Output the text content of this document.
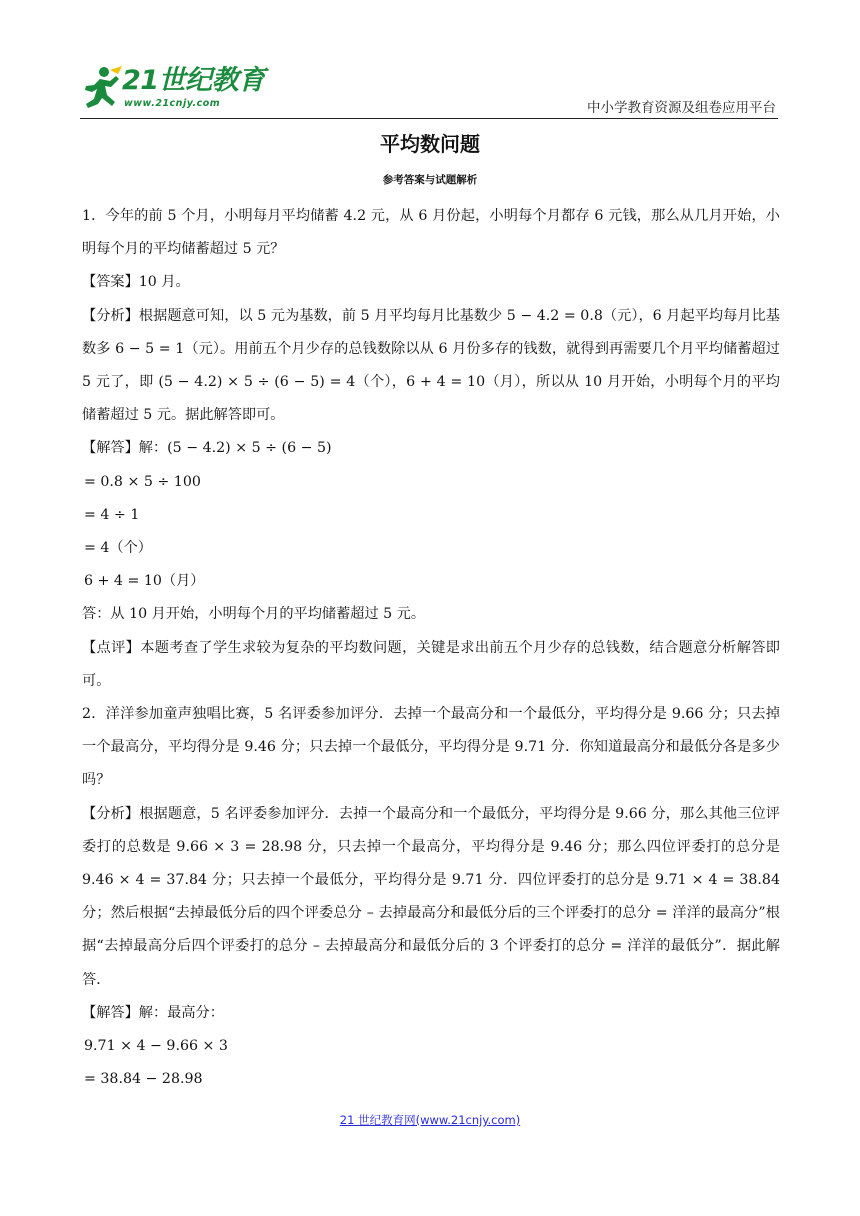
21世纪教育
www.21cnjy.com	中小学教育资源及组卷应用平台
平均数问题
参考答案与试题解析

1．今年的前 5 个月，小明每月平均储蓄 4.2 元，从 6 月份起，小明每个月都存 6 元钱，那么从几月开始，小明每个月的平均储蓄超过 5 元？

【答案】10 月。

【分析】根据题意可知，以 5 元为基数，前 5 月平均每月比基数少 5 − 4.2 = 0.8（元），6 月起平均每月比基数多 6 − 5 = 1（元）。用前五个月少存的总钱数除以从 6 月份多存的钱数，就得到再需要几个月平均储蓄超过 5 元了，即 (5 − 4.2) × 5 ÷ (6 − 5) = 4（个），6 + 4 = 10（月），所以从 10 月开始，小明每个月的平均储蓄超过 5 元。据此解答即可。

【解答】解：(5 − 4.2) × 5 ÷ (6 − 5)

= 0.8 × 5 ÷ 100

= 4 ÷ 1

= 4（个）

6 + 4 = 10（月）

答：从 10 月开始，小明每个月的平均储蓄超过 5 元。

【点评】本题考查了学生求较为复杂的平均数问题，关键是求出前五个月少存的总钱数，结合题意分析解答即可。

2．洋洋参加童声独唱比赛，5 名评委参加评分．去掉一个最高分和一个最低分，平均得分是 9.66 分；只去掉一个最高分，平均得分是 9.46 分；只去掉一个最低分，平均得分是 9.71 分．你知道最高分和最低分各是多少吗？

【分析】根据题意，5 名评委参加评分．去掉一个最高分和一个最低分，平均得分是 9.66 分，那么其他三位评委打的总数是 9.66 × 3 = 28.98 分，只去掉一个最高分，平均得分是 9.46 分；那么四位评委打的总分是 9.46 × 4 = 37.84 分；只去掉一个最低分，平均得分是 9.71 分．四位评委打的总分是 9.71 × 4 = 38.84 分；然后根据“去掉最低分后的四个评委总分 – 去掉最高分和最低分后的三个评委打的总分 = 洋洋的最高分”根据“去掉最高分后四个评委打的总分 – 去掉最高分和最低分后的 3 个评委打的总分 = 洋洋的最低分”．据此解答．

【解答】解：最高分：

9.71 × 4 − 9.66 × 3

= 38.84 − 28.98

21 世纪教育网(www.21cnjy.com)
